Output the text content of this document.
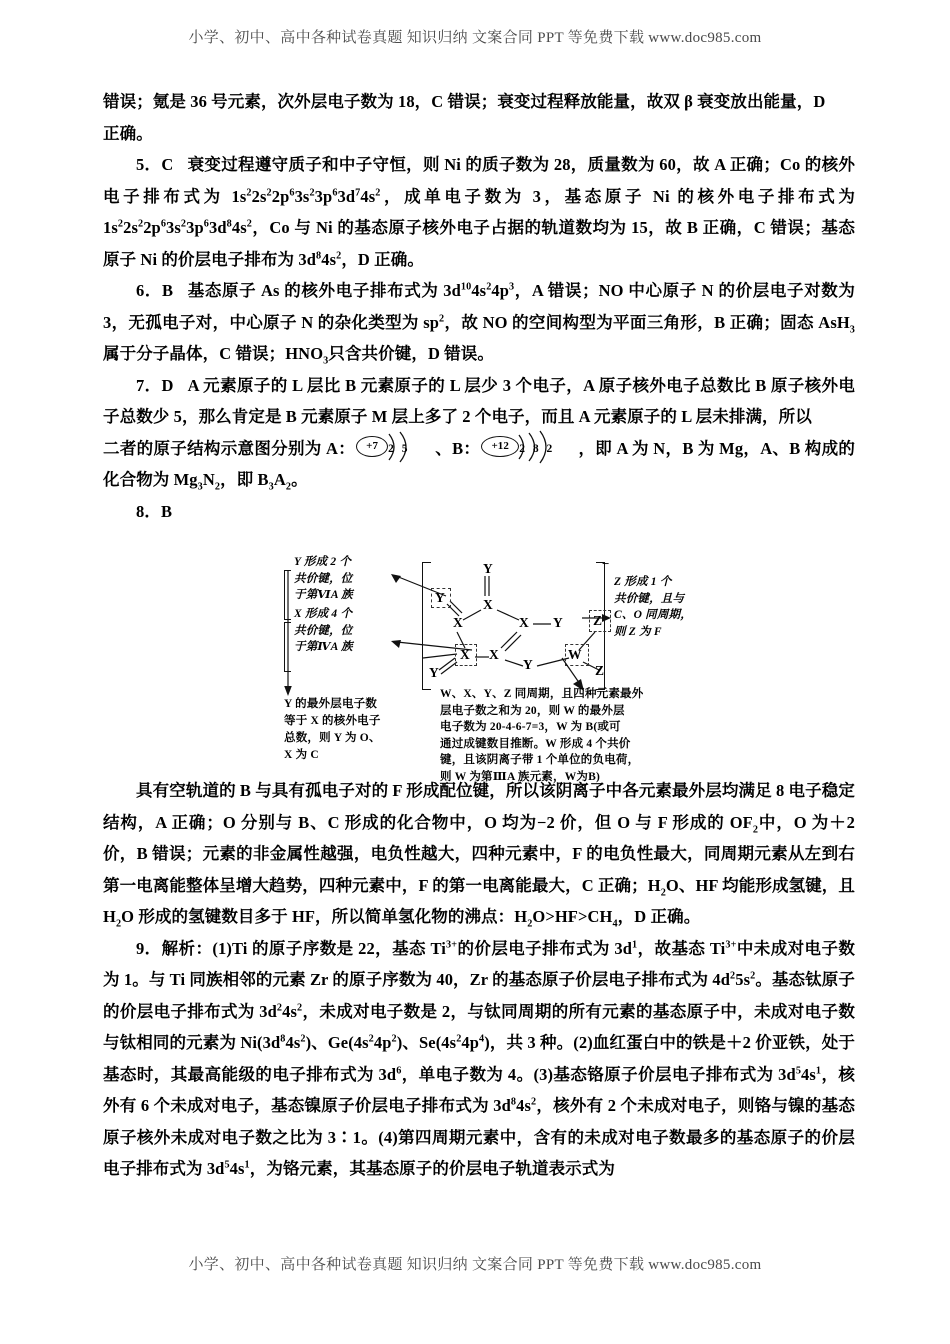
小学、初中、高中各种试卷真题 知识归纳 文案合同 PPT 等免费下载 www.doc985.com

错误；氪是 36 号元素，次外层电子数为 18，C 错误；衰变过程释放能量，故双 β 衰变放出能量，D

正确。

5．C 衰变过程遵守质子和中子守恒，则 Ni 的质子数为 28，质量数为 60，故 A 正确；Co 的核外电子排布式为 $1s^22s^22p^63s^23p^63d^74s^2$，成单电子数为 3，基态原子 Ni 的核外电子排布式为 $1s^22s^22p^63s^23p^63d^84s^2$，Co 与 Ni 的基态原子核外电子占据的轨道数均为 15，故 B 正确，C 错误；基态原子 Ni 的价层电子排布为 $3d^84s^2$，D 正确。

6．B 基态原子 As 的核外电子排布式为 $3d^{10}4s^24p^3$，A 错误；NO 中心原子 N 的价层电子对数为 3，无孤电子对，中心原子 N 的杂化类型为 $sp^2$，故 NO 的空间构型为平面三角形，B 正确；固态 AsH$_3$属于分子晶体，C 错误；$HNO_3$只含共价键，D 错误。

7．D A 元素原子的 L 层比 B 元素原子的 L 层少 3 个电子，A 原子核外电子总数比 B 原子核外电子总数少 5，那么肯定是 B 元素原子 M 层上多了 2 个电子，而且 A 元素原子的 L 层未排满，所以

二者的原子结构示意图分别为 A：	+7 2 5 、B：	+12 2 8 2 ，即 A 为 N，B 为 Mg，A、B 构成的化合物为 $Mg_3N_2$，即 $B_3A_2$。

8．B

具有空轨道的 B 与具有孤电子对的 F 形成配位键，所以该阴离子中各元素最外层均满足 8 电子稳定结构，A 正确；O 分别与 B、C 形成的化合物中，O 均为−2 价，但 O 与 F 形成的 $OF_2$中，O 为＋2 价，B 错误；元素的非金属性越强，电负性越大，四种元素中，F 的电负性最大，同周期元素从左到右第一电离能整体呈增大趋势，四种元素中，F 的第一电离能最大，C 正确；$H_2O$、HF 均能形成氢键，且 $H_2O$ 形成的氢键数目多于 HF，所以简单氢化物的沸点：$H_2O>HF>CH_4$，D 正确。

9．解析：(1)Ti 的原子序数是 22，基态 $Ti^{3+}$的价层电子排布式为 $3d^1$，故基态 $Ti^{3+}$中未成对电子数为 1。与 Ti 同族相邻的元素 Zr 的原子序数为 40，Zr 的基态原子价层电子排布式为 $4d^25s^2$。基态钛原子的价层电子排布式为 $3d^24s^2$，未成对电子数是 2，与钛同周期的所有元素的基态原子中，未成对电子数与钛相同的元素为 $Ni(3d^84s^2)$、$Ge(4s^24p^2)$、$Se(4s^24p^4)$，共 3 种。(2)血红蛋白中的铁是＋2 价亚铁，处于基态时，其最高能级的电子排布式为 $3d^6$，单电子数为 4。(3)基态铬原子价层电子排布式为 $3d^54s^1$，核外有 6 个未成对电子，基态镍原子价层电子排布式为 $3d^84s^2$，核外有 2 个未成对电子，则铬与镍的基态原子核外未成对电子数之比为 3∶1。(4)第四周期元素中，含有的未成对电子数最多的基态原子的价层电子排布式为 $3d^54s^1$，为铬元素，其基态原子的价层电子轨道表示式为

Y 形成 2 个
共价键，位
于第ⅥA 族
X 形成 4 个
共价键，位
于第ⅣA 族
Y 的最外层电子数
等于 X 的核外电子
总数，则 Y 为 O、
X 为 C
−
Y
X
Y
X	X Y
X X
Y
Y
W
Z
Z
Z 形成 1 个
共价键，且与
C、O 同周期，
则 Z 为 F
W、X、Y、Z 同周期，且四种元素最外
层电子数之和为 20，则 W 的最外层
电子数为 20-4-6-7=3，W 为 B(或可
通过成键数目推断。W 形成 4 个共价
键，且该阴离子带 1 个单位的负电荷，
则 W 为第ⅢA 族元素，W为B)
小学、初中、高中各种试卷真题 知识归纳 文案合同 PPT 等免费下载 www.doc985.com
